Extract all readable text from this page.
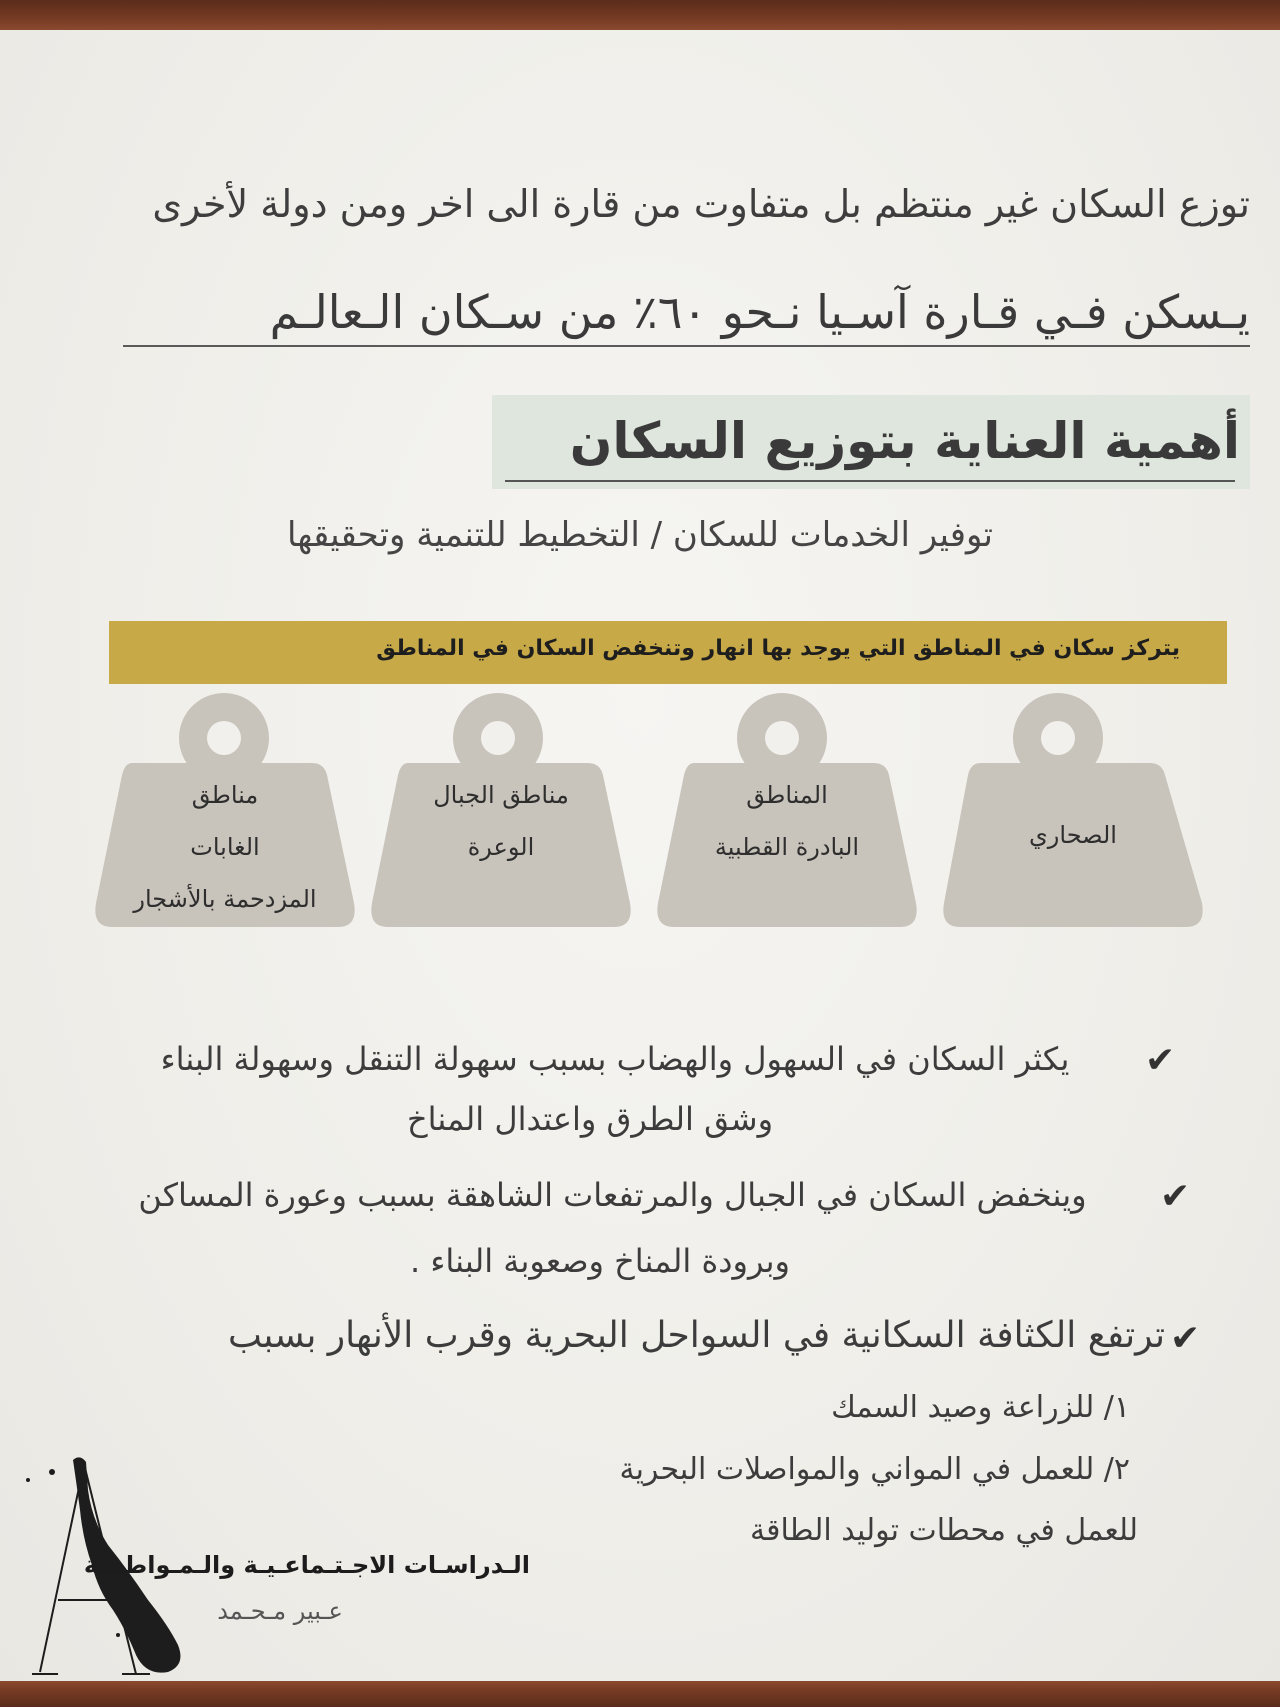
توزع السكان غير منتظم بل متفاوت من قارة الى اخر ومن دولة لأخرى
يـسكن فـي قـارة آسـيا نـحو ٦٠٪ من سـكان الـعالـم
أهمية العناية بتوزيع السكان
توفير الخدمات للسكان / التخطيط للتنمية وتحقيقها
يتركز سكان في المناطق التي يوجد بها انهار وتنخفض السكان في المناطق
الصحاري
المناطق
البادرة القطبية
مناطق الجبال
الوعرة
مناطق
الغابات
المزدحمة بالأشجار
✔
يكثر السكان في السهول والهضاب بسبب سهولة التنقل وسهولة البناء
وشق الطرق واعتدال المناخ
✔
وينخفض السكان في الجبال والمرتفعات الشاهقة بسبب وعورة المساكن
وبرودة المناخ وصعوبة البناء .
✔
ترتفع الكثافة السكانية في السواحل البحرية وقرب الأنهار بسبب
١/ للزراعة وصيد السمك
٢/ للعمل في المواني والمواصلات البحرية
للعمل في محطات توليد الطاقة
الـدراسـات الاجـتـماعـيـة والـمـواطـنـة
عـبير مـحـمد
